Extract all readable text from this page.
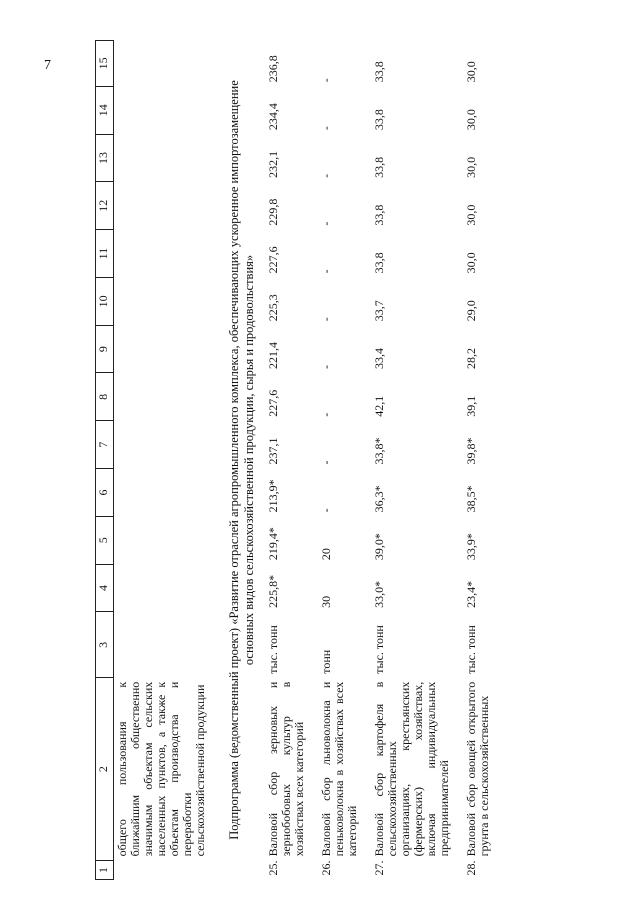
7
1	2	3	4	5	6	7	8	9	10	11	12	13	14	15
	общего пользования к ближайшим общественно значимым объектам сельских населенных пунктов, а также к объектам производства и переработки сельскохозяйственной продукции													
Подпрограмма (ведомственный проект) «Развитие отраслей агропромышленного комплекса, обеспечивающих ускоренное импортозамещение основных видов сельскохозяйственной продукции, сырья и продовольствия»														
25.	Валовой сбор зерновых и зернобобовых культур в хозяйствах всех категорий	тыс. тонн	225,8*	219,4*	213,9*	237,1	227,6	221,4	225,3	227,6	229,8	232,1	234,4	236,8
26.	Валовой сбор льноволокна и пеньковолокна в хозяйствах всех категорий	тонн	30	20	-	-	-	-	-	-	-	-	-	-
27.	Валовой сбор картофеля в сельскохозяйственных организациях, крестьянских (фермерских) хозяйствах, включая индивидуальных предпринимателей	тыс. тонн	33,0*	39,0*	36,3*	33,8*	42,1	33,4	33,7	33,8	33,8	33,8	33,8	33,8
28.	Валовой сбор овощей открытого грунта в сельскохозяйственных	тыс. тонн	23,4*	33,9*	38,5*	39,8*	39,1	28,2	29,0	30,0	30,0	30,0	30,0	30,0
